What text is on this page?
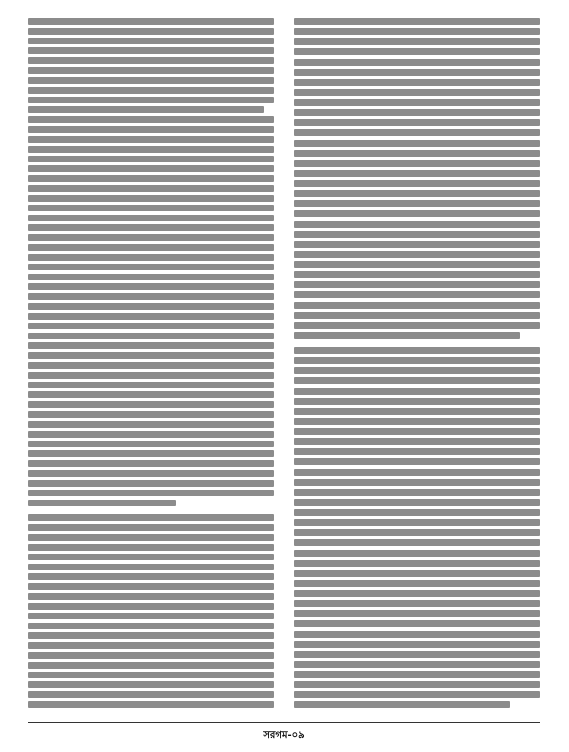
সরগম-০৯
